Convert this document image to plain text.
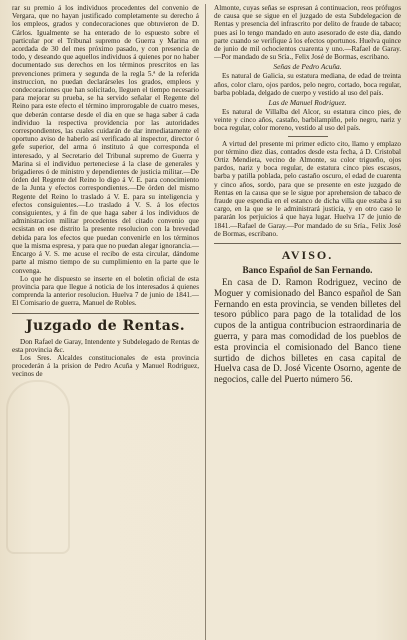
rar su premio á los individuos procedentes del convenio de Vergara, que no hayan justificado completamente su derecho á los empleos, grados y condecoraciones que obtuvieron de D. Cárlos. Igualmente se ha enterado de lo espuesto sobre el particular por el Tribunal supremo de Guerra y Marina en acordada de 30 del mes próximo pasado, y con presencia de todo, y deseando que aquellos individuos á quienes por no haber documentado sus derechos en los términos prescritos en las prevenciones primera y segunda de la regla 5.ª de la referida instruccion, no puedan declarárseles los grados, empleos y condecoraciones que han solicitado, lleguen el tiempo necesario para mejorar su prueba, se ha servido señalar el Regente del Reino para este efecto el término improrogable de cuatro meses, que deberán contarse desde el dia en que se haga saber á cada individuo la respectiva providencia por las autoridades correspondientes, las cuales cuidarán de dar inmediatamente el oportuno aviso de haberlo así verificado al inspector, director ó gefe superior, del arma ó instituto á que corresponda el interesado, y al Secretario del Tribunal supremo de Guerra y Marina si el individuo perteneciese á la clase de generales y brigadieres ó de ministro y dependientes de justicia militar.—De órden del Regente del Reino lo digo á V. E. para conocimiento de la Junta y efectos correspondientes.—De órden del mismo Regente del Reino lo traslado á V. E. para su inteligencia y efectos consiguientes.—Lo traslado á V. S. á los efectos consiguientes, y á fin de que haga saber á los individuos de administracion militar procedentes del citado convenio que ecsistan en ese distrito la presente resolucion con la brevedad debida para los efectos que puedan convenirle en los términos que la misma espresa, y para que no puedan alegar ignorancia.—Encargo á V. S. me acuse el recibo de esta circular, dándome parte al mismo tiempo de su cumplimiento en la parte que le convenga.

Lo que he dispuesto se inserte en el boletin oficial de esta provincia para que llegue á noticia de los interesados á quienes comprenda la anterior resolucion. Huelva 7 de junio de 1841.—El Comisario de guerra, Manuel de Robles.

Juzgado de Rentas.

Don Rafael de Garay, Intendente y Subdelegado de Rentas de esta provincia &c.

Los Sres. Alcaldes constitucionales de esta provincia procederán á la prision de Pedro Acuña y Manuel Rodriguez, vecinos de

Almonte, cuyas señas se espresan á continuacion, reos prófugos de causa que se sigue en el juzgado de esta Subdelegacion de Rentas y presencia del infrascrito por delito de fraude de tabaco; pues así lo tengo mandado en auto asesorado de este dia, dando parte cuando se verifique á los efectos oportunos. Huelva quince de junio de mil ochocientos cuarenta y uno.—Rafael de Garay.—Por mandado de su Sría., Felix José de Bormas, escribano.

Señas de Pedro Acuña.

Es natural de Galicia, su estatura mediana, de edad de treinta años, color claro, ojos pardos, pelo negro, cortado, boca regular, barba poblada, delgado de cuerpo y vestido al uso del país.

Las de Manuel Rodriguez.

Es natural de Villalba del Alcor, su estatura cinco pies, de veinte y cinco años, castaño, barbilampiño, pelo negro, nariz y boca regular, color moreno, vestido al uso del país.

A virtud del presente mi primer edicto cito, llamo y emplazo por término diez dias, contados desde esta fecha, á D. Cristobal Ortiz Mendieta, vecino de Almonte, su color trigueño, ojos pardos, nariz y boca regular, de estatura cinco pies escasos, barba y patilla poblada, pelo castaño oscuro, el edad de cuarenta y cinco años, sordo, para que se presente en este juzgado de Rentas en la causa que se le sigue por aprehension de tabaco de fraude que espendia en el estanco de dicha villa que estaba á su cargo, en la que se le administrará justicia, y en otro caso le pararán los perjuicios á que haya lugar. Huelva 17 de junio de 1841.—Rafael de Garay.—Por mandado de su Sría., Felix José de Bormas, escribano.

AVISO.
Banco Español de San Fernando.

En casa de D. Ramon Rodriguez, vecino de Moguer y comisionado del Banco español de San Fernando en esta provincia, se venden billetes del tesoro público para pago de la totalidad de los cupos de la antigua contribucion estraordinaria de guerra, y para mas comodidad de los pueblos de esta provincia el comisionado del Banco tiene surtido de dichos billetes en casa capital de Huelva casa de D. José Vicente Osorno, agente de negocios, calle del Puerto número 56.
